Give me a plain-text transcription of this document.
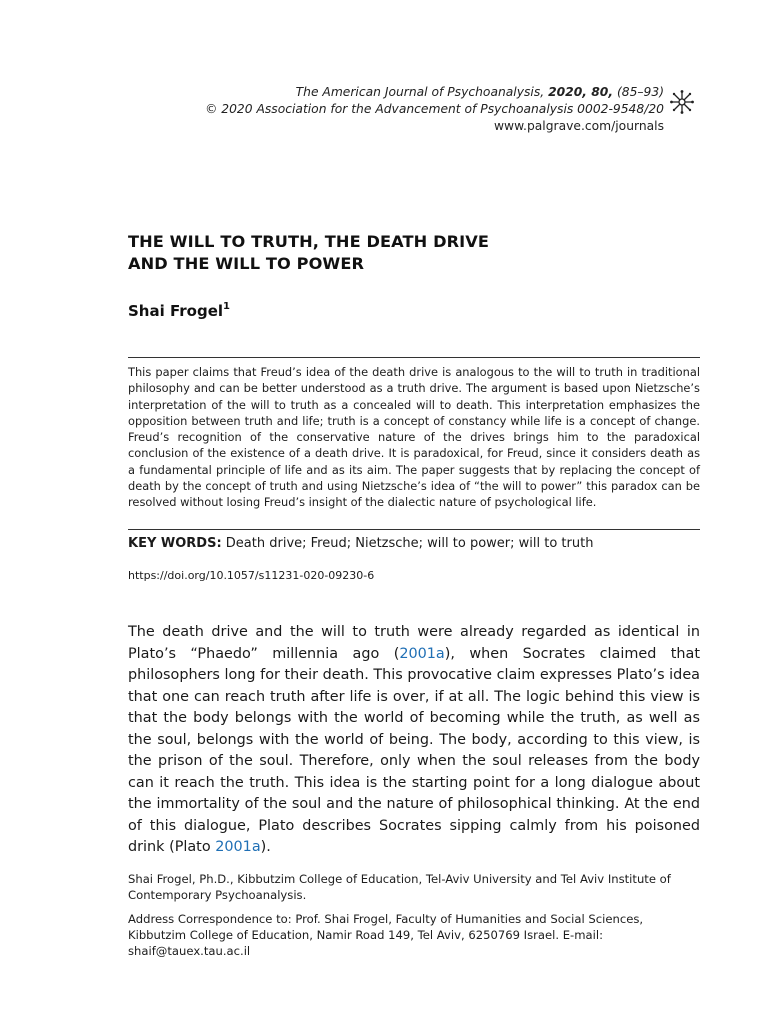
The American Journal of Psychoanalysis, 2020, 80, (85–93)
© 2020 Association for the Advancement of Psychoanalysis 0002-9548/20
www.palgrave.com/journals
THE WILL TO TRUTH, THE DEATH DRIVE
AND THE WILL TO POWER
Shai Frogel$^1$

This paper claims that Freud’s idea of the death drive is analogous to the will to truth in traditional philosophy and can be better understood as a truth drive. The argument is based upon Nietzsche’s interpretation of the will to truth as a concealed will to death. This interpretation emphasizes the opposition between truth and life; truth is a concept of constancy while life is a concept of change. Freud’s recognition of the conservative nature of the drives brings him to the paradoxical conclusion of the existence of a death drive. It is paradoxical, for Freud, since it considers death as a fundamental principle of life and as its aim. The paper suggests that by replacing the concept of death by the concept of truth and using Nietzsche’s idea of “the will to power” this paradox can be resolved without losing Freud’s insight of the dialectic nature of psychological life.

KEY WORDS: Death drive; Freud; Nietzsche; will to power; will to truth
https://doi.org/10.1057/s11231-020-09230-6

The death drive and the will to truth were already regarded as identical in Plato’s “Phaedo” millennia ago (2001a), when Socrates claimed that philosophers long for their death. This provocative claim expresses Plato’s idea that one can reach truth after life is over, if at all. The logic behind this view is that the body belongs with the world of becoming while the truth, as well as the soul, belongs with the world of being. The body, according to this view, is the prison of the soul. Therefore, only when the soul releases from the body can it reach the truth. This idea is the starting point for a long dialogue about the immortality of the soul and the nature of philosophical thinking. At the end of this dialogue, Plato describes Socrates sipping calmly from his poisoned drink (Plato 2001a).

Shai Frogel, Ph.D., Kibbutzim College of Education, Tel-Aviv University and Tel Aviv Institute of Contemporary Psychoanalysis.

Address Correspondence to: Prof. Shai Frogel, Faculty of Humanities and Social Sciences, Kibbutzim College of Education, Namir Road 149, Tel Aviv, 6250769 Israel. E-mail: shaif@tauex.tau.ac.il
